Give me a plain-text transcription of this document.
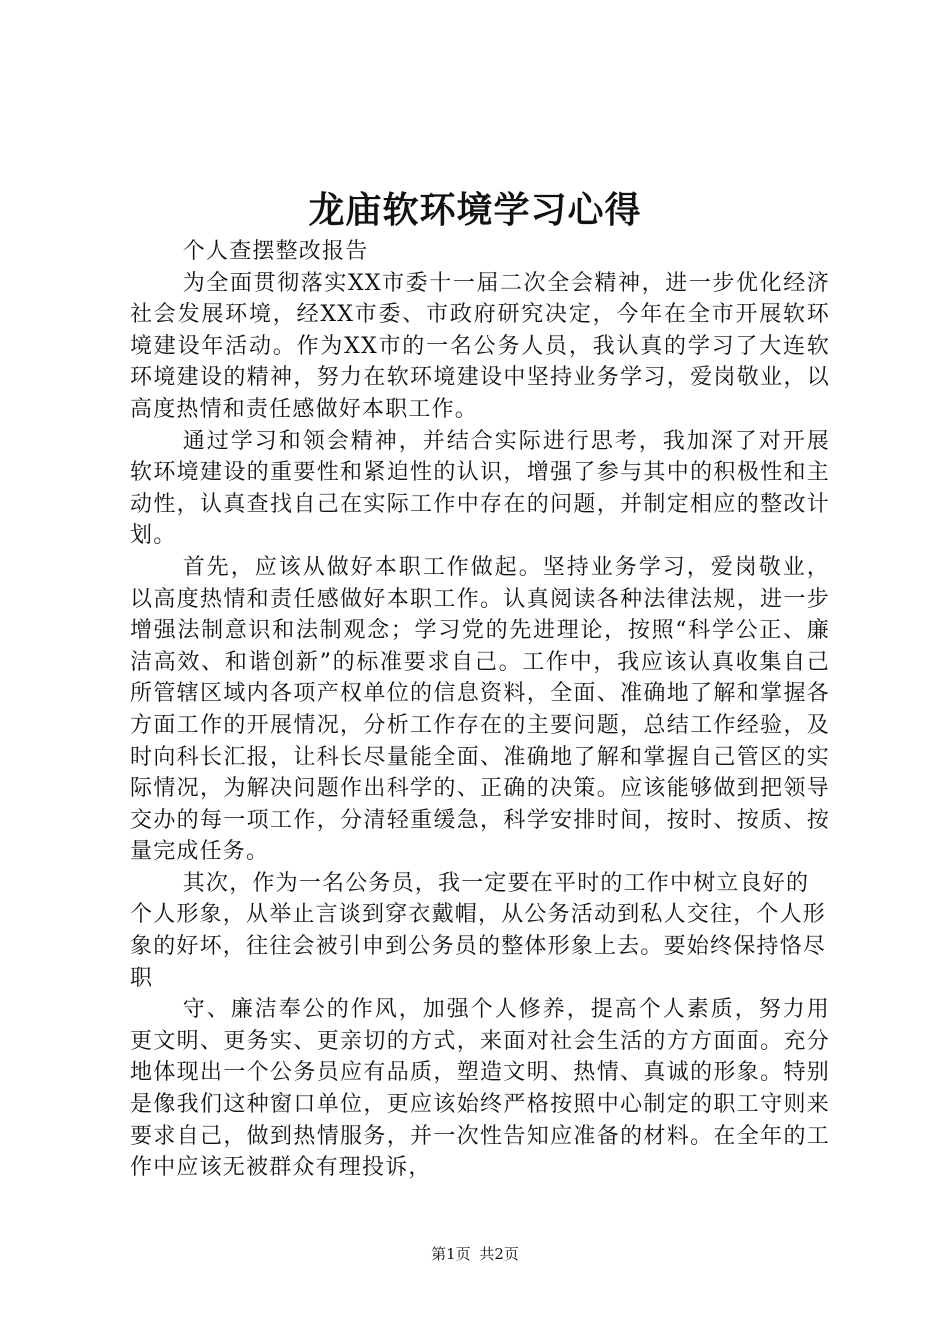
龙庙软环境学习心得

个人查摆整改报告

为全面贯彻落实XX市委十一届二次全会精神，进一步优化经济社会发展环境，经XX市委、市政府研究决定，今年在全市开展软环境建设年活动。作为XX市的一名公务人员，我认真的学习了大连软环境建设的精神，努力在软环境建设中坚持业务学习，爱岗敬业，以高度热情和责任感做好本职工作。

通过学习和领会精神，并结合实际进行思考，我加深了对开展软环境建设的重要性和紧迫性的认识，增强了参与其中的积极性和主动性，认真查找自己在实际工作中存在的问题，并制定相应的整改计划。

首先，应该从做好本职工作做起。坚持业务学习，爱岗敬业，以高度热情和责任感做好本职工作。认真阅读各种法律法规，进一步增强法制意识和法制观念；学习党的先进理论，按照“科学公正、廉洁高效、和谐创新”的标准要求自己。工作中，我应该认真收集自己所管辖区域内各项产权单位的信息资料，全面、准确地了解和掌握各方面工作的开展情况，分析工作存在的主要问题，总结工作经验，及时向科长汇报，让科长尽量能全面、准确地了解和掌握自己管区的实际情况，为解决问题作出科学的、正确的决策。应该能够做到把领导交办的每一项工作，分清轻重缓急，科学安排时间，按时、按质、按量完成任务。

其次，作为一名公务员，我一定要在平时的工作中树立良好的个人形象，从举止言谈到穿衣戴帽，从公务活动到私人交往，个人形象的好坏，往往会被引申到公务员的整体形象上去。要始终保持恪尽职

守、廉洁奉公的作风，加强个人修养，提高个人素质，努力用更文明、更务实、更亲切的方式，来面对社会生活的方方面面。充分地体现出一个公务员应有品质，塑造文明、热情、真诚的形象。特别是像我们这种窗口单位，更应该始终严格按照中心制定的职工守则来要求自己，做到热情服务，并一次性告知应准备的材料。在全年的工作中应该无被群众有理投诉，

第1页 共2页
